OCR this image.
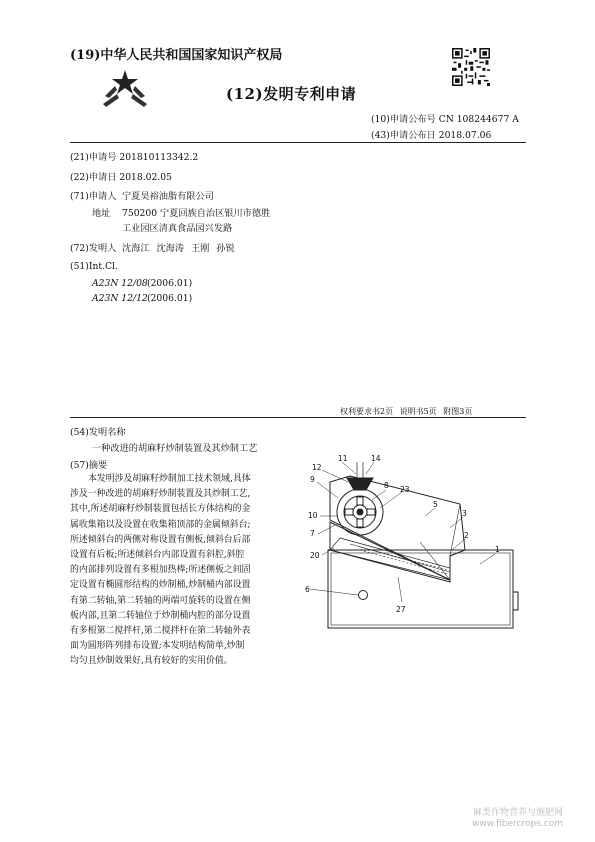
(19)中华人民共和国国家知识产权局
(12)发明专利申请
(10)申请公布号 CN 108244677 A
(43)申请公布日 2018.07.06
(21)申请号 201810113342.2
(22)申请日 2018.02.05
(71)申请人 宁夏昊裕油脂有限公司
地址 750200 宁夏回族自治区银川市德胜
工业园区清真食品园兴发路
(72)发明人 沈海江 沈海涛 王刚 孙锐
(51)Int.Cl.
A23N 12/08 (2006.01)
A23N 12/12 (2006.01)
权利要求书2页 说明书5页 附图3页
(54)发明名称
一种改进的胡麻籽炒制装置及其炒制工艺
(57)摘要
本发明涉及胡麻籽炒制加工技术领域,具体
涉及一种改进的胡麻籽炒制装置及其炒制工艺,
其中,所述胡麻籽炒制装置包括长方体结构的金
属收集箱以及设置在收集箱顶部的金属倾斜台;
所述倾斜台的两侧对称设置有侧板,倾斜台后部
设置有后板;所述倾斜台内部设置有斜腔,斜腔
的内部排列设置有多根加热棒;所述侧板之间固
定设置有椭圆形结构的炒制桶,炒制桶内部设置
有第二转轴,第二转轴的两端可旋转的设置在侧
板内部,且第二转轴位于炒制桶内腔的部分设置
有多根第二搅拌杆,第二搅拌杆在第二转轴外表
面为圆形阵列排布设置;本发明结构简单,炒制
均匀且炒制效果好,具有较好的实用价值。
12
11	14
9
8 23
10
5
7
3
20
2
1
6
27
麻类作物营养与施肥网
www.fibercrops.com
